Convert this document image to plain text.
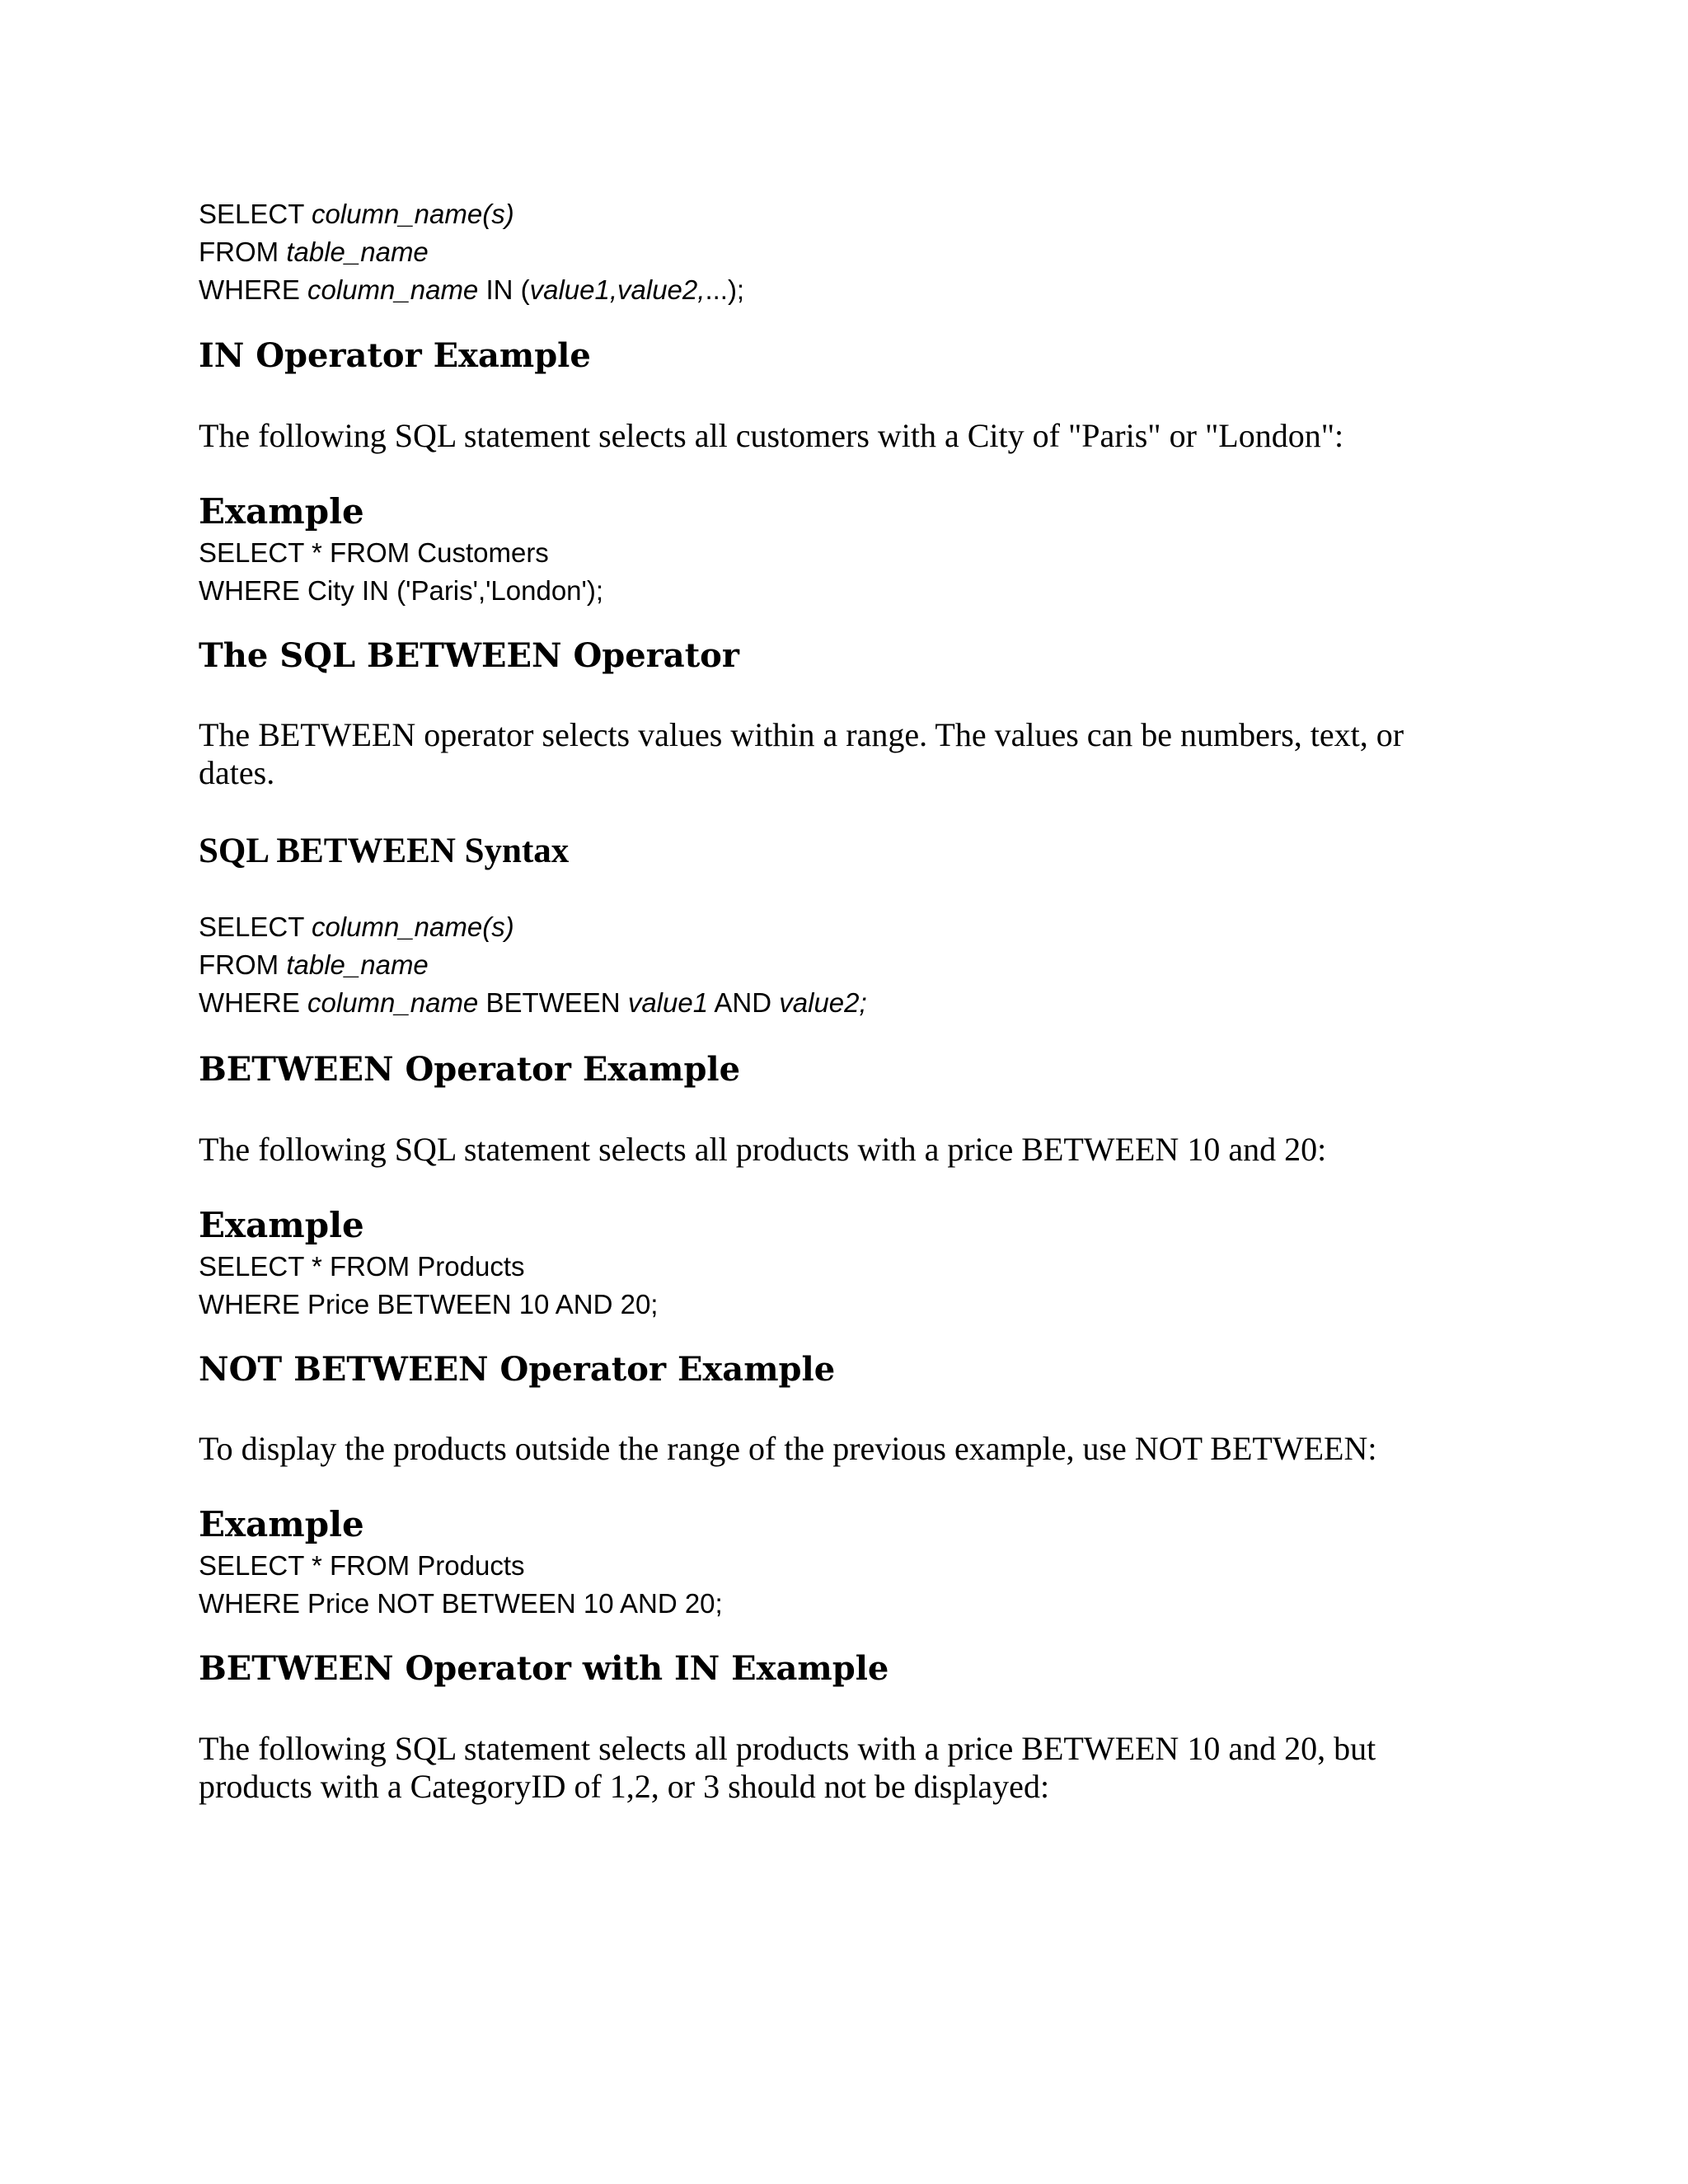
SELECT column_name(s)
FROM table_name
WHERE column_name IN (value1,value2,...);
IN Operator Example

The following SQL statement selects all customers with a City of "Paris" or "London":

Example
SELECT * FROM Customers
WHERE City IN ('Paris','London');
The SQL BETWEEN Operator

The BETWEEN operator selects values within a range. The values can be numbers, text, or dates.

SQL BETWEEN Syntax
SELECT column_name(s)
FROM table_name
WHERE column_name BETWEEN value1 AND value2;
BETWEEN Operator Example

The following SQL statement selects all products with a price BETWEEN 10 and 20:

Example
SELECT * FROM Products
WHERE Price BETWEEN 10 AND 20;
NOT BETWEEN Operator Example

To display the products outside the range of the previous example, use NOT BETWEEN:

Example
SELECT * FROM Products
WHERE Price NOT BETWEEN 10 AND 20;
BETWEEN Operator with IN Example
The following SQL statement selects all products with a price BETWEEN 10 and 20, but
products with a CategoryID of 1,2, or 3 should not be displayed:
